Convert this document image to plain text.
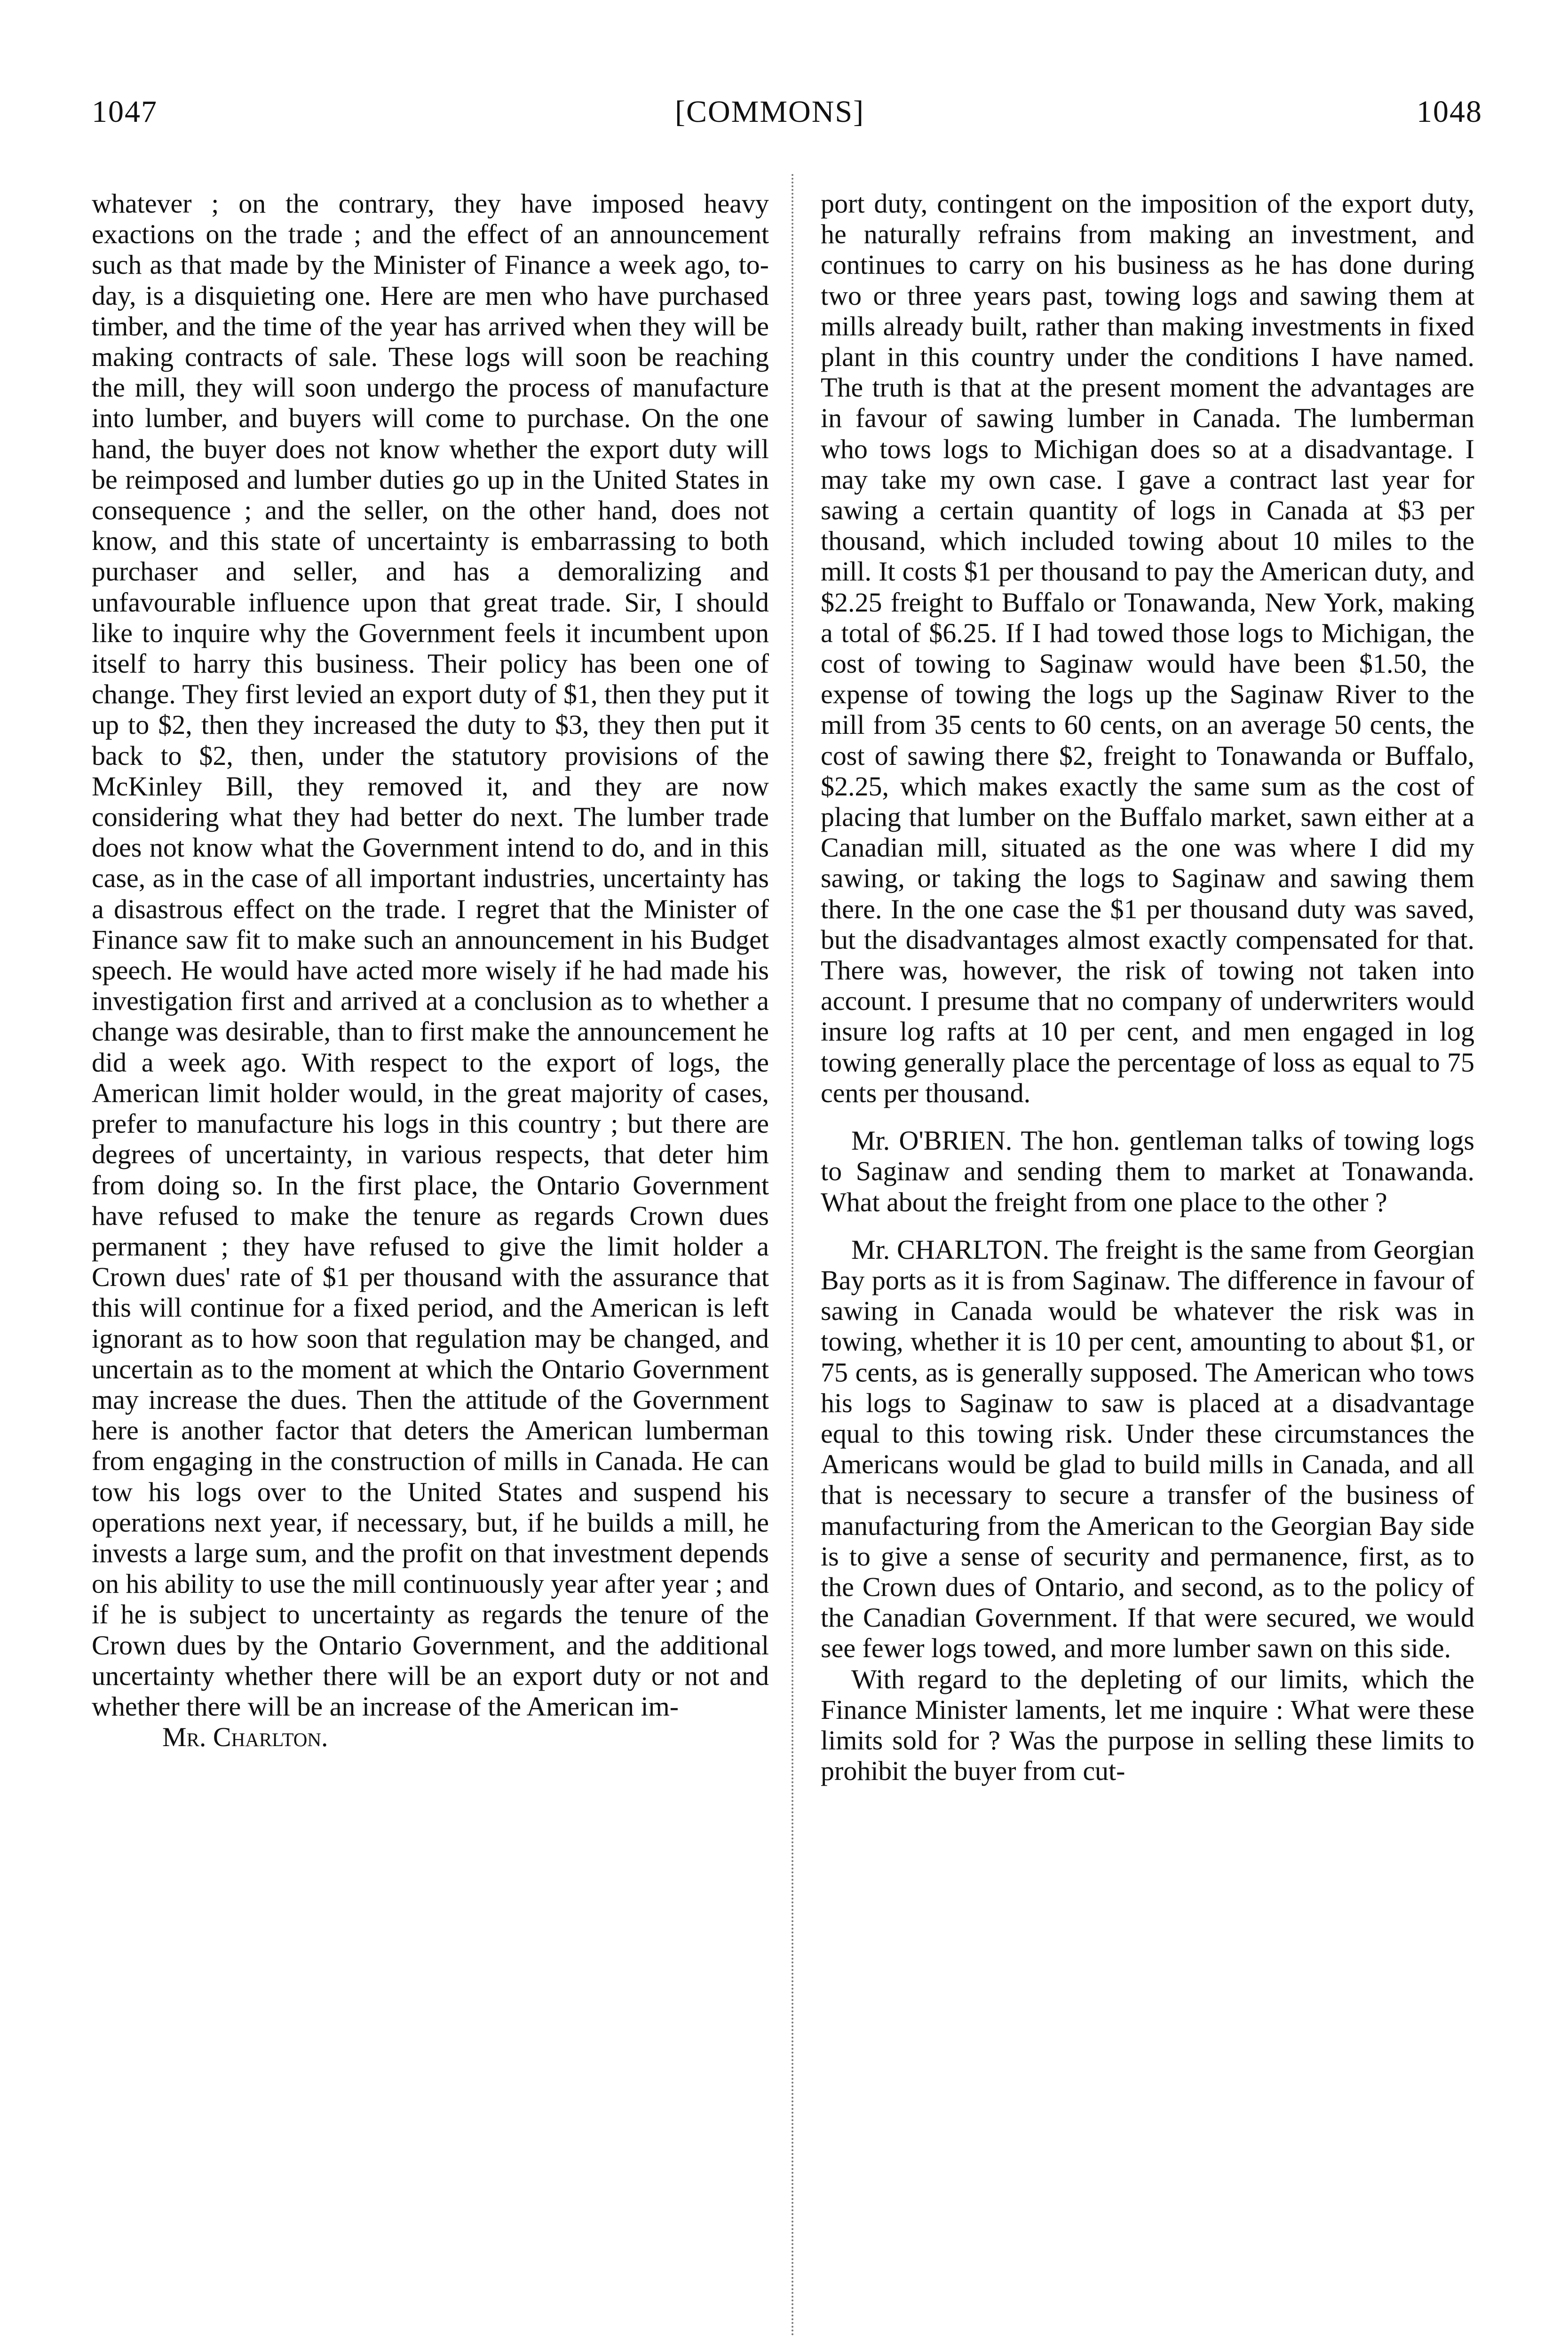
1047	[COMMONS]	1048

whatever ; on the contrary, they have imposed heavy exactions on the trade ; and the effect of an announcement such as that made by the Minister of Finance a week ago, to-day, is a disquieting one. Here are men who have purchased timber, and the time of the year has arrived when they will be making contracts of sale. These logs will soon be reaching the mill, they will soon undergo the process of manufacture into lumber, and buyers will come to purchase. On the one hand, the buyer does not know whether the export duty will be reimposed and lumber duties go up in the United States in consequence ; and the seller, on the other hand, does not know, and this state of uncertainty is embarrassing to both purchaser and seller, and has a demoralizing and unfavourable influence upon that great trade. Sir, I should like to inquire why the Government feels it incumbent upon itself to harry this business. Their policy has been one of change. They first levied an export duty of $1, then they put it up to $2, then they increased the duty to $3, they then put it back to $2, then, under the statutory provisions of the McKinley Bill, they removed it, and they are now considering what they had better do next. The lumber trade does not know what the Government intend to do, and in this case, as in the case of all important industries, uncertainty has a disastrous effect on the trade. I regret that the Minister of Finance saw fit to make such an announcement in his Budget speech. He would have acted more wisely if he had made his investigation first and arrived at a conclusion as to whether a change was desirable, than to first make the announcement he did a week ago. With respect to the export of logs, the American limit holder would, in the great majority of cases, prefer to manufacture his logs in this country ; but there are degrees of uncertainty, in various respects, that deter him from doing so. In the first place, the Ontario Government have refused to make the tenure as regards Crown dues permanent ; they have refused to give the limit holder a Crown dues' rate of $1 per thousand with the assurance that this will continue for a fixed period, and the American is left ignorant as to how soon that regulation may be changed, and uncertain as to the moment at which the Ontario Government may increase the dues. Then the attitude of the Government here is another factor that deters the American lumberman from engaging in the construction of mills in Canada. He can tow his logs over to the United States and suspend his operations next year, if necessary, but, if he builds a mill, he invests a large sum, and the profit on that investment depends on his ability to use the mill continuously year after year ; and if he is subject to uncertainty as regards the tenure of the Crown dues by the Ontario Government, and the additional uncertainty whether there will be an export duty or not and whether there will be an increase of the American im-

Mr. Charlton.

port duty, contingent on the imposition of the export duty, he naturally refrains from making an investment, and continues to carry on his business as he has done during two or three years past, towing logs and sawing them at mills already built, rather than making investments in fixed plant in this country under the conditions I have named. The truth is that at the present moment the advantages are in favour of sawing lumber in Canada. The lumberman who tows logs to Michigan does so at a disadvantage. I may take my own case. I gave a contract last year for sawing a certain quantity of logs in Canada at $3 per thousand, which included towing about 10 miles to the mill. It costs $1 per thousand to pay the American duty, and $2.25 freight to Buffalo or Tonawanda, New York, making a total of $6.25. If I had towed those logs to Michigan, the cost of towing to Saginaw would have been $1.50, the expense of towing the logs up the Saginaw River to the mill from 35 cents to 60 cents, on an average 50 cents, the cost of sawing there $2, freight to Tonawanda or Buffalo, $2.25, which makes exactly the same sum as the cost of placing that lumber on the Buffalo market, sawn either at a Canadian mill, situated as the one was where I did my sawing, or taking the logs to Saginaw and sawing them there. In the one case the $1 per thousand duty was saved, but the disadvantages almost exactly compensated for that. There was, however, the risk of towing not taken into account. I presume that no company of underwriters would insure log rafts at 10 per cent, and men engaged in log towing generally place the percentage of loss as equal to 75 cents per thousand.

Mr. O'BRIEN. The hon. gentleman talks of towing logs to Saginaw and sending them to market at Tonawanda. What about the freight from one place to the other ?

Mr. CHARLTON. The freight is the same from Georgian Bay ports as it is from Saginaw. The difference in favour of sawing in Canada would be whatever the risk was in towing, whether it is 10 per cent, amounting to about $1, or 75 cents, as is generally supposed. The American who tows his logs to Saginaw to saw is placed at a disadvantage equal to this towing risk. Under these circumstances the Americans would be glad to build mills in Canada, and all that is necessary to secure a transfer of the business of manufacturing from the American to the Georgian Bay side is to give a sense of security and permanence, first, as to the Crown dues of Ontario, and second, as to the policy of the Canadian Government. If that were secured, we would see fewer logs towed, and more lumber sawn on this side.

With regard to the depleting of our limits, which the Finance Minister laments, let me inquire : What were these limits sold for ? Was the purpose in selling these limits to prohibit the buyer from cut-
